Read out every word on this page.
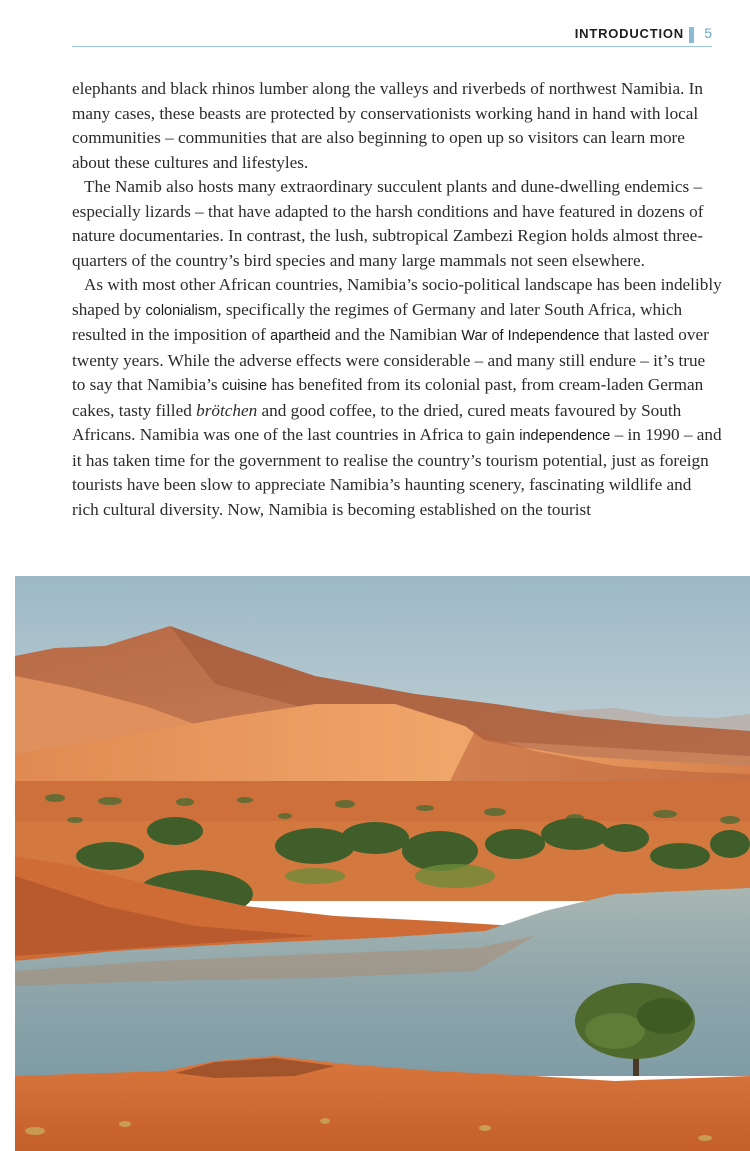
INTRODUCTION 5

elephants and black rhinos lumber along the valleys and riverbeds of northwest Namibia. In many cases, these beasts are protected by conservationists working hand in hand with local communities – communities that are also beginning to open up so visitors can learn more about these cultures and lifestyles.

The Namib also hosts many extraordinary succulent plants and dune-dwelling endemics – especially lizards – that have adapted to the harsh conditions and have featured in dozens of nature documentaries. In contrast, the lush, subtropical Zambezi Region holds almost three-quarters of the country’s bird species and many large mammals not seen elsewhere.

As with most other African countries, Namibia’s socio-political landscape has been indelibly shaped by colonialism, specifically the regimes of Germany and later South Africa, which resulted in the imposition of apartheid and the Namibian War of Independence that lasted over twenty years. While the adverse effects were considerable – and many still endure – it’s true to say that Namibia’s cuisine has benefited from its colonial past, from cream-laden German cakes, tasty filled brötchen and good coffee, to the dried, cured meats favoured by South Africans. Namibia was one of the last countries in Africa to gain independence – in 1990 – and it has taken time for the government to realise the country’s tourism potential, just as foreign tourists have been slow to appreciate Namibia’s haunting scenery, fascinating wildlife and rich cultural diversity. Now, Namibia is becoming established on the tourist
